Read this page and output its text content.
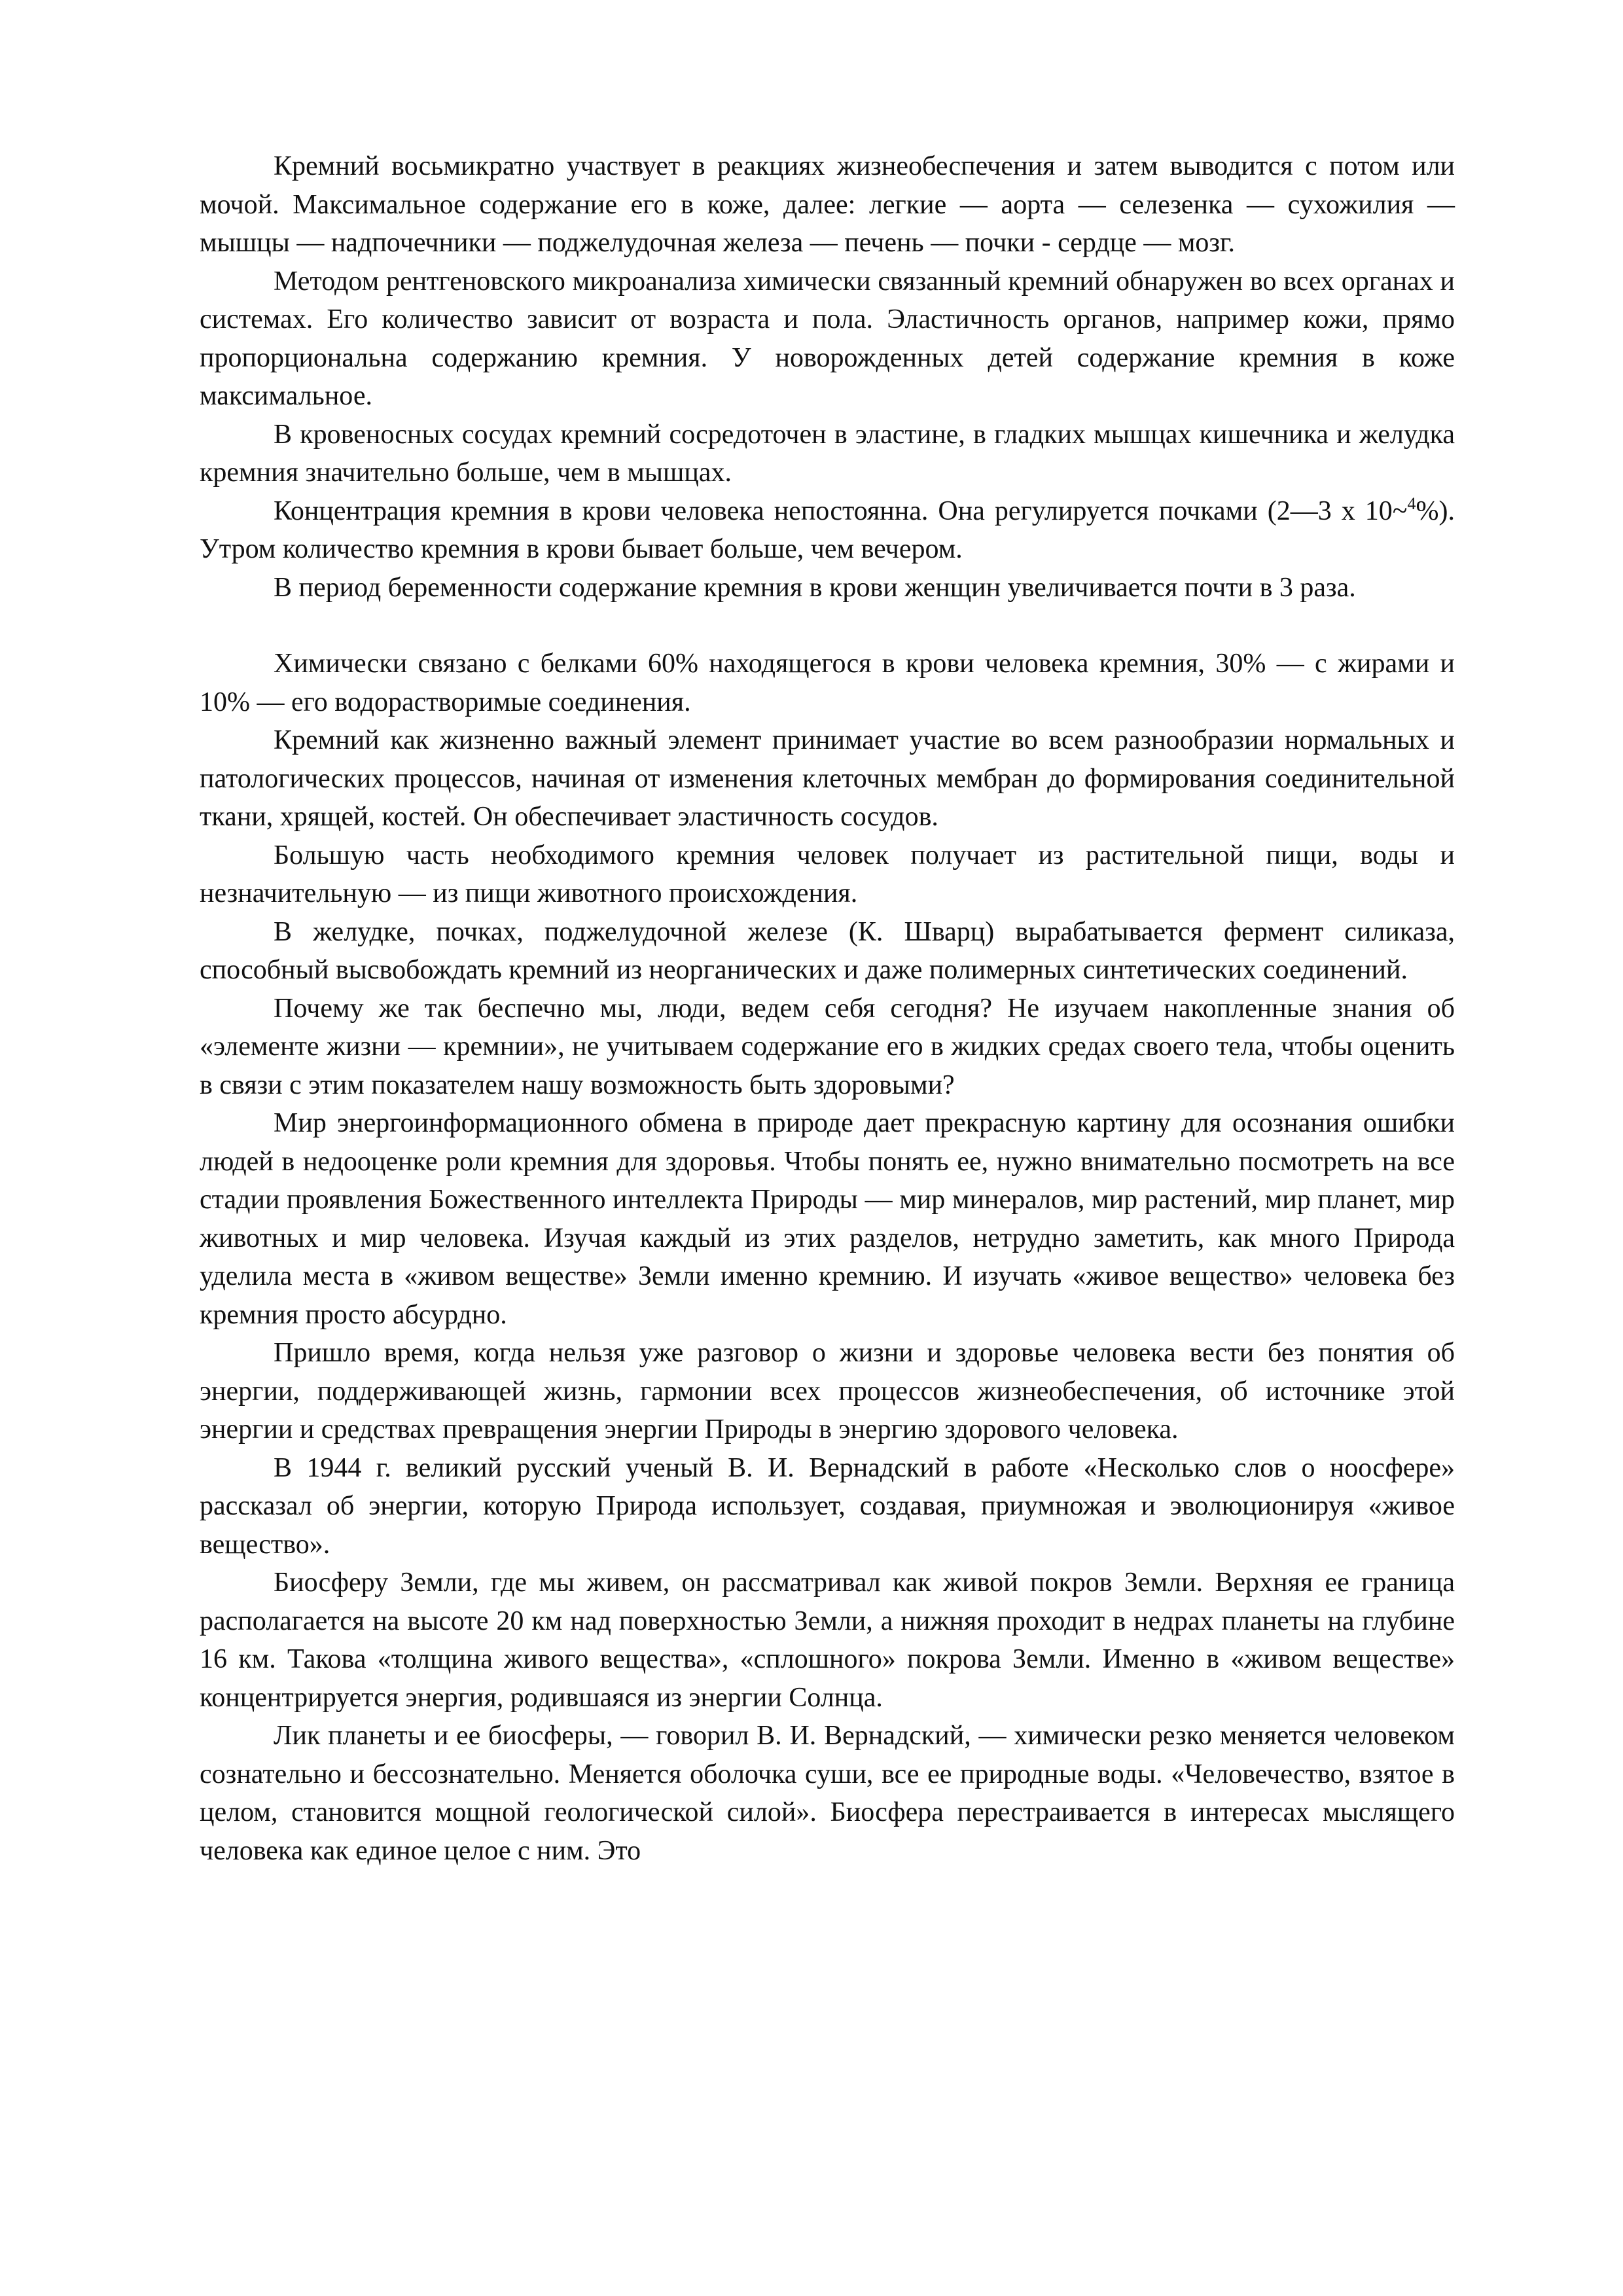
Кремний восьмикратно участвует в реакциях жизнеобеспечения и затем выводится с потом или мочой. Максимальное содержание его в коже, далее: легкие — аорта — селезенка — сухожилия — мышцы — надпочечники — поджелудочная железа — печень — почки - сердце — мозг.

Методом рентгеновского микроанализа химически связанный кремний обнаружен во всех органах и системах. Его количество зависит от возраста и пола. Эластичность органов, например кожи, прямо пропорциональна содержанию кремния. У новорожденных детей содержание кремния в коже максимальное.

В кровеносных сосудах кремний сосредоточен в эластине, в гладких мышцах кишечника и желудка кремния значительно больше, чем в мышцах.

Концентрация кремния в крови человека непостоянна. Она регулируется почками (2—3 х 10~$^4$%). Утром количество кремния в крови бывает больше, чем вечером.

В период беременности содержание кремния в крови женщин увеличивается почти в 3 раза.

Химически связано с белками 60% находящегося в крови человека кремния, 30% — с жирами и 10% — его водорастворимые соединения.

Кремний как жизненно важный элемент принимает участие во всем разнообразии нормальных и патологических процессов, начиная от изменения клеточных мембран до формирования соединительной ткани, хрящей, костей. Он обеспечивает эластичность сосудов.

Большую часть необходимого кремния человек получает из растительной пищи, воды и незначительную — из пищи животного происхождения.

В желудке, почках, поджелудочной железе (К. Шварц) вырабатывается фермент силиказа, способный высвобождать кремний из неорганических и даже полимерных синтетических соединений.

Почему же так беспечно мы, люди, ведем себя сегодня? Не изучаем накопленные знания об «элементе жизни — кремнии», не учитываем содержание его в жидких средах своего тела, чтобы оценить в связи с этим показателем нашу возможность быть здоровыми?

Мир энергоинформационного обмена в природе дает прекрасную картину для осознания ошибки людей в недооценке роли кремния для здоровья. Чтобы понять ее, нужно внимательно посмотреть на все стадии проявления Божественного интеллекта Природы — мир минералов, мир растений, мир планет, мир животных и мир человека. Изучая каждый из этих разделов, нетрудно заметить, как много Природа уделила места в «живом веществе» Земли именно кремнию. И изучать «живое вещество» человека без кремния просто абсурдно.

Пришло время, когда нельзя уже разговор о жизни и здоровье человека вести без понятия об энергии, поддерживающей жизнь, гармонии всех процессов жизнеобеспечения, об источнике этой энергии и средствах превращения энергии Природы в энергию здорового человека.

В 1944 г. великий русский ученый В. И. Вернадский в работе «Несколько слов о ноосфере» рассказал об энергии, которую Природа использует, создавая, приумножая и эволюционируя «живое вещество».

Биосферу Земли, где мы живем, он рассматривал как живой покров Земли. Верхняя ее граница располагается на высоте 20 км над поверхностью Земли, а нижняя проходит в недрах планеты на глубине 16 км. Такова «толщина живого вещества», «сплошного» покрова Земли. Именно в «живом веществе» концентрируется энергия, родившаяся из энергии Солнца.

Лик планеты и ее биосферы, — говорил В. И. Вернадский, — химически резко меняется человеком сознательно и бессознательно. Меняется оболочка суши, все ее природные воды. «Человечество, взятое в целом, становится мощной геологической силой». Биосфера перестраивается в интересах мыслящего человека как единое целое с ним. Это
